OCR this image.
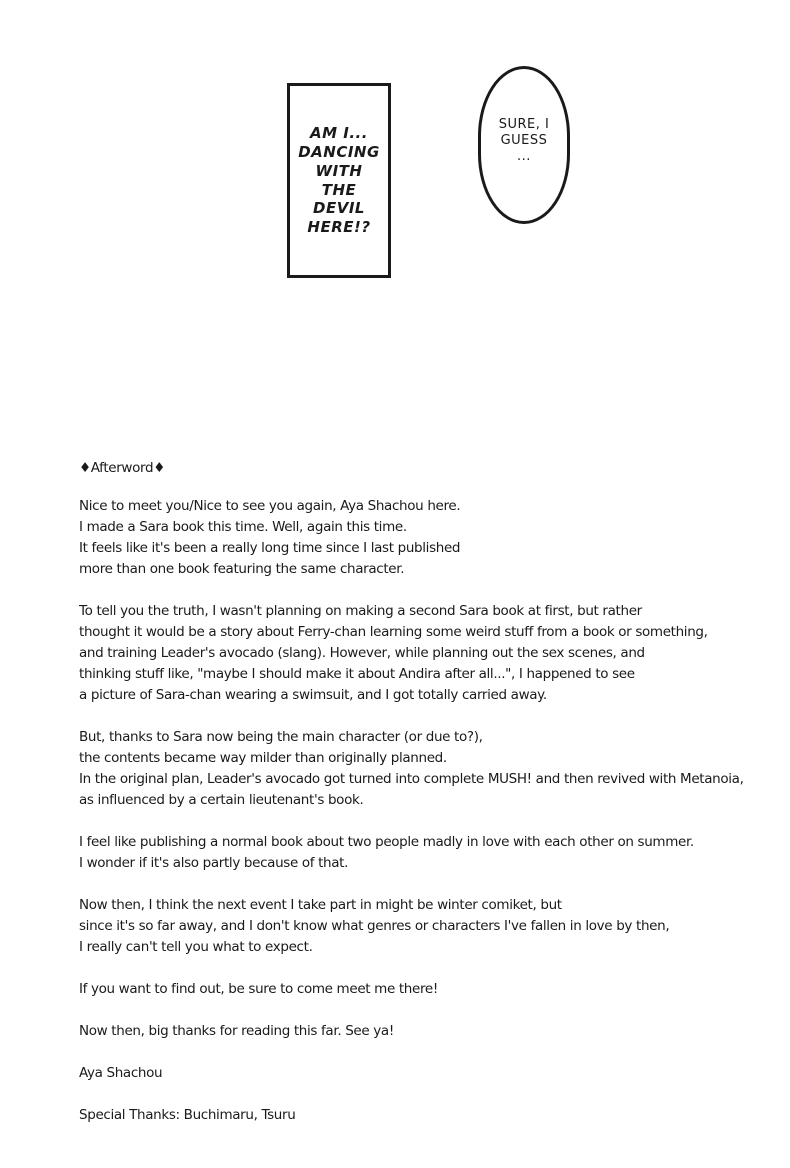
AM I...
DANCING
WITH
THE
DEVIL
HERE!?
SURE, I
GUESS
...
♦Afterword♦
Nice to meet you/Nice to see you again, Aya Shachou here.
I made a Sara book this time. Well, again this time.
It feels like it's been a really long time since I last published
more than one book featuring the same character.
To tell you the truth, I wasn't planning on making a second Sara book at first, but rather
thought it would be a story about Ferry-chan learning some weird stuff from a book or something,
and training Leader's avocado (slang). However, while planning out the sex scenes, and
thinking stuff like, "maybe I should make it about Andira after all...", I happened to see
a picture of Sara-chan wearing a swimsuit, and I got totally carried away.
But, thanks to Sara now being the main character (or due to?),
the contents became way milder than originally planned.
In the original plan, Leader's avocado got turned into complete MUSH! and then revived with Metanoia,
as influenced by a certain lieutenant's book.
I feel like publishing a normal book about two people madly in love with each other on summer.
I wonder if it's also partly because of that.
Now then, I think the next event I take part in might be winter comiket, but
since it's so far away, and I don't know what genres or characters I've fallen in love by then,
I really can't tell you what to expect.
If you want to find out, be sure to come meet me there!
Now then, big thanks for reading this far. See ya!
Aya Shachou
Special Thanks: Buchimaru, Tsuru
